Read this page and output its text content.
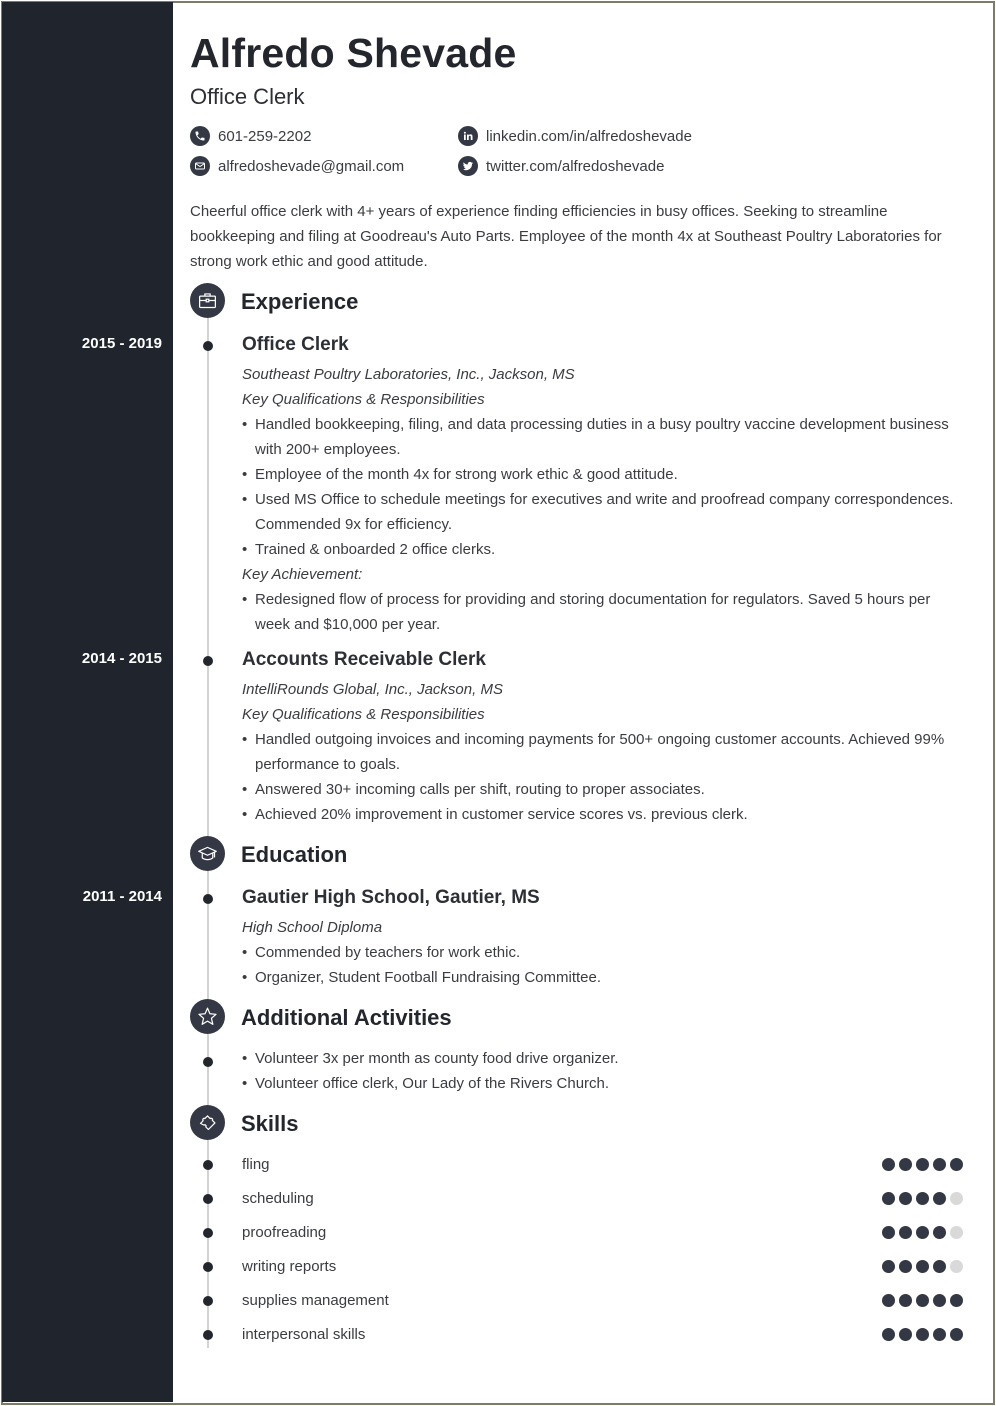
Alfredo Shevade
Office Clerk
601-259-2202
alfredoshevade@gmail.com
linkedin.com/in/alfredoshevade
twitter.com/alfredoshevade

Cheerful office clerk with 4+ years of experience finding efficiencies in busy offices. Seeking to streamline bookkeeping and filing at Goodreau's Auto Parts. Employee of the month 4x at Southeast Poultry Laboratories for strong work ethic and good attitude.

Experience
2015 - 2019	Office Clerk
Southeast Poultry Laboratories, Inc., Jackson, MS
Key Qualifications & Responsibilities
• Handled bookkeeping, filing, and data processing duties in a busy poultry vaccine development business with 200+ employees.
• Employee of the month 4x for strong work ethic & good attitude.
• Used MS Office to schedule meetings for executives and write and proofread company correspondences. Commended 9x for efficiency.
• Trained & onboarded 2 office clerks.
Key Achievement:
• Redesigned flow of process for providing and storing documentation for regulators. Saved 5 hours per week and $10,000 per year.
2014 - 2015	Accounts Receivable Clerk
IntelliRounds Global, Inc., Jackson, MS
Key Qualifications & Responsibilities
• Handled outgoing invoices and incoming payments for 500+ ongoing customer accounts. Achieved 99% performance to goals.
• Answered 30+ incoming calls per shift, routing to proper associates.
• Achieved 20% improvement in customer service scores vs. previous clerk.
Education
2011 - 2014	Gautier High School, Gautier, MS
High School Diploma
• Commended by teachers for work ethic.
• Organizer, Student Football Fundraising Committee.
Additional Activities
• Volunteer 3x per month as county food drive organizer.
• Volunteer office clerk, Our Lady of the Rivers Church.
Skills
fling
scheduling
proofreading
writing reports
supplies management
interpersonal skills
